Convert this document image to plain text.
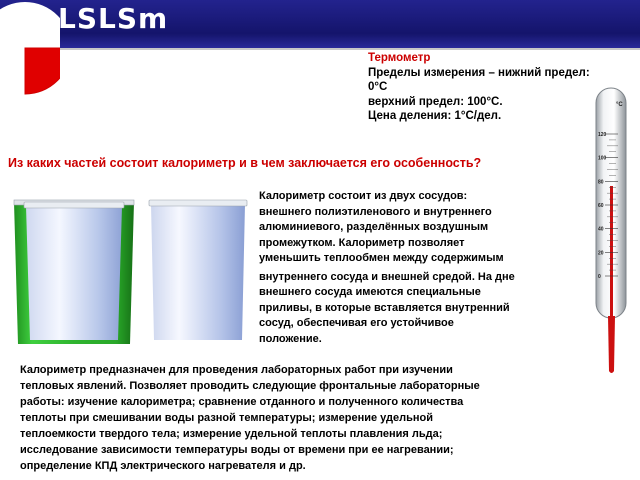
LSLSm
Термометр
Пределы измерения – нижний предел:
0°С
верхний предел: 100°С.
Цена деления: 1°С/дел.
Из каких частей состоит калориметр и в чем заключается его особенность?
Калориметр состоит из двух сосудов:
внешнего полиэтиленового и внутреннего
алюминиевого, разделённых воздушным
промежутком. Калориметр позволяет
уменьшить теплообмен между содержимым
внутреннего сосуда и внешней средой. На дне
внешнего сосуда имеются специальные
приливы, в которые вставляется внутренний
сосуд, обеспечивая его устойчивое
положение.
°C
120
100
80
60
40
20
0
Калориметр предназначен для проведения лабораторных работ при изучении
тепловых явлений. Позволяет проводить следующие фронтальные лабораторные
работы: изучение калориметра; сравнение отданного и полученного количества
теплоты при смешивании воды разной температуры; измерение удельной
теплоемкости твердого тела; измерение удельной теплоты плавления льда;
исследование зависимости температуры воды от времени при ее нагревании;
определение КПД электрического нагревателя и др.
